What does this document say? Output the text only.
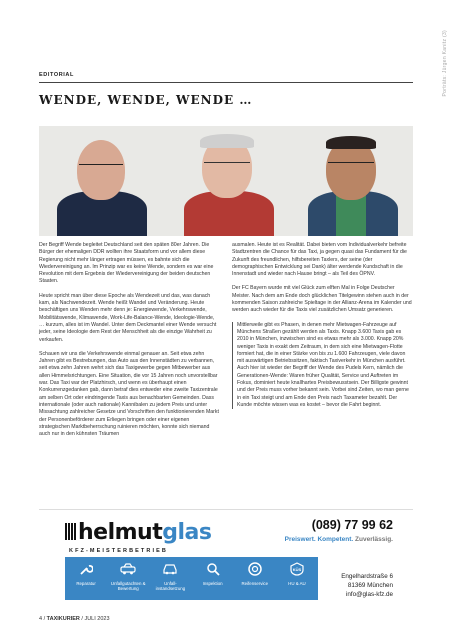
Porträts: Jürgen Kanitz (3)
EDITORIAL
WENDE, WENDE, WENDE …

Der Begriff Wende begleitet Deutschland seit den späten 80er Jahren. Die Bürger der ehemaligen DDR wollten ihre Staatsform und vor allem diese Regierung nicht mehr länger ertragen müssen, es bahnte sich die Wiedervereinigung an. Im Prinzip war es keine Wende, sondern es war eine Revolution mit dem Ergebnis der Wiedervereinigung der beiden deutschen Staaten.

Heute spricht man über diese Epoche als Wendezeit und das, was danach kam, als Nachwendezeit. Wende heißt Wandel und Veränderung. Heute beschäftigen uns Wenden mehr denn je: Energiewende, Verkehrswende, Mobilitätswende, Klimawende, Work-Life-Balance-Wende, Ideologie-Wende, … kurzum, alles ist im Wandel. Unter dem Deckmantel einer Wende versucht jeder, seine Ideologie dem Rest der Menschheit als die einzige Wahrheit zu verkaufen.

Schauen wir uns die Verkehrswende einmal genauer an. Seit etwa zehn Jahren gibt es Bestrebungen, das Auto aus den Innenstädten zu verbannen, seit etwa zehn Jahren wehrt sich das Taxigewerbe gegen Mitbewerber aus allen Himmelsrichtungen. Eine Situation, die vor 15 Jahren noch unvorstellbar war. Das Taxi war der Platzhirsch, und wenn es überhaupt einen Konkurrenzgedanken gab, dann betraf dies entweder eine zweite Taxizentrale am selben Ort oder eindringende Taxis aus benachbarten Gemeinden. Dass internationale (oder auch nationale) Kannibalen zu jedem Preis und unter Missachtung zahlreicher Gesetze und Vorschriften den funktionierenden Markt der Personenbeförderer zum Erliegen bringen oder einer eigenen strategischen Marktbeherrschung ruinieren möchten, konnte sich niemand auch nur in den kühnsten Träumen

ausmalen. Heute ist es Realität. Dabei bieten vom Individualverkehr befreite Stadtzentren die Chance für das Taxi, ja gegen quasi das Fundament für die Zukunft des freundlichen, hilfsbereiten Taxlers, der seine (der demographischen Entwicklung sei Dank) älter werdende Kundschaft in die Innenstadt und wieder nach Hause bringt – als Teil des ÖPNV.

Der FC Bayern wurde mit viel Glück zum elften Mal in Folge Deutscher Meister. Nach dem am Ende doch glücklichen Titelgewinn stehen auch in der kommenden Saison zahlreiche Spieltage in der Allianz-Arena im Kalender und werden auch wieder für die Taxis viel zusätzlichen Umsatz generieren.

Mittlerweile gibt es Phasen, in denen mehr Mietwagen-Fahrzeuge auf Münchens Straßen gezählt werden als Taxis. Knapp 3.600 Taxis gab es 2010 in München, inzwischen sind es etwas mehr als 3.000. Knapp 20% weniger Taxis in exakt dem Zeitraum, in dem sich eine Mietwagen-Flotte formiert hat, die in einer Stärke von bis zu 1.600 Fahrzeugen, viele davon mit auswärtigen Betriebssitzen, faktisch Taxiverkehr in München ausführt. Auch hier ist wieder der Begriff der Wende des Pudels Kern, nämlich die Generationen-Wende: Waren früher Qualität, Service und Auftreten im Fokus, dominiert heute knallhartes Preisbewusstsein. Der Billigste gewinnt und der Preis muss vorher bekannt sein. Vorbei sind Zeiten, wo man gerne in ein Taxi steigt und am Ende den Preis nach Taxameter bezahlt. Der Kunde möchte wissen was es kostet – bevor die Fahrt beginnt.

helmutglas
KFZ-MEISTERBETRIEB
(089) 77 99 62
Preiswert. Kompetent. Zuverlässig.
Reparatur	Unfallgutachten & Bewertung
Unfall-instandsetzung
Inspektion	Reifenservice
KÜS
HU & AU
Engelhardstraße 6
81369 München
info@glas-kfz.de
4 / TAXIKURIER / JULI 2023
